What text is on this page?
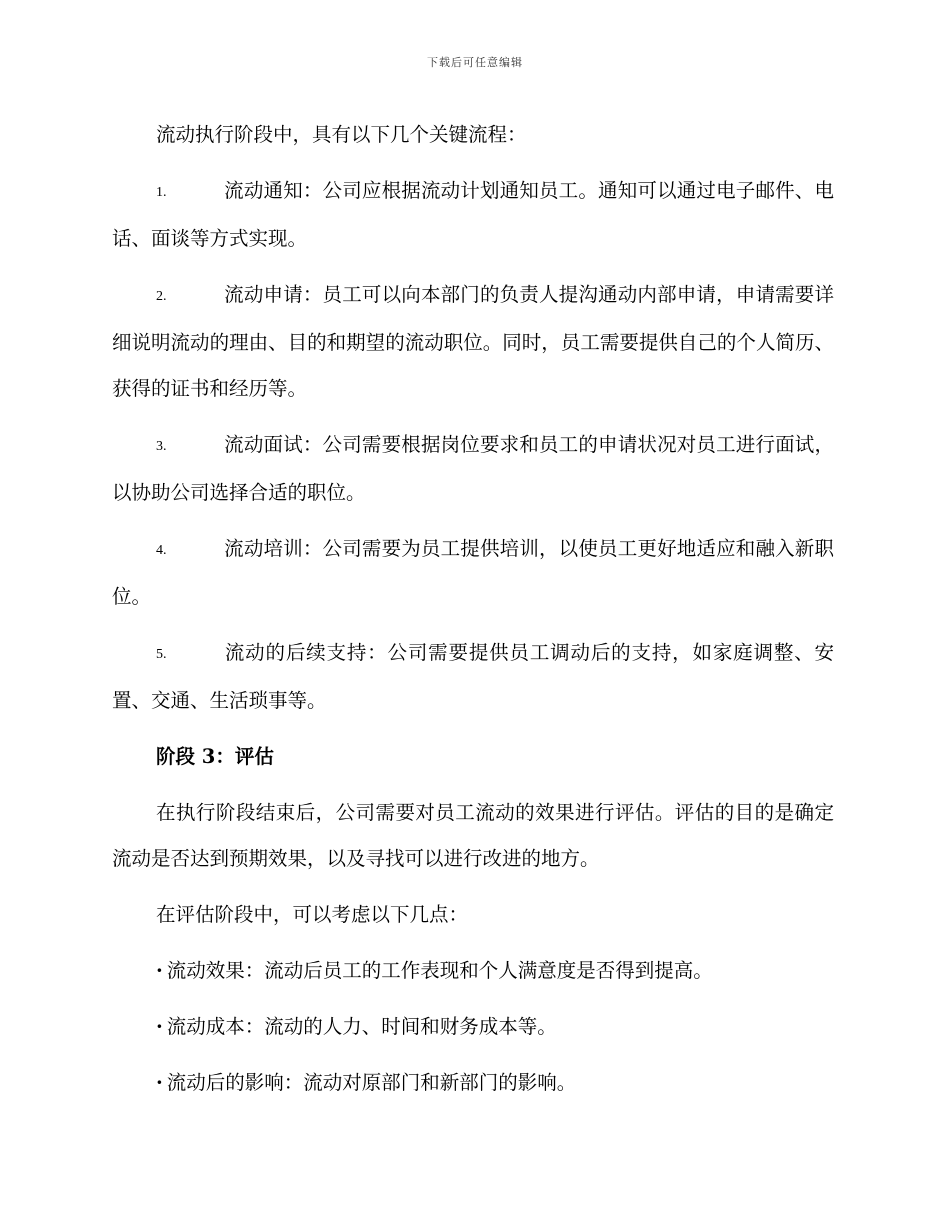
下载后可任意编辑

流动执行阶段中，具有以下几个关键流程：

1.	流动通知：公司应根据流动计划通知员工。通知可以通过电子邮件、电话、面谈等方式实现。
2.	流动申请：员工可以向本部门的负责人提沟通动内部申请，申请需要详细说明流动的理由、目的和期望的流动职位。同时，员工需要提供自己的个人简历、获得的证书和经历等。
3.	流动面试：公司需要根据岗位要求和员工的申请状况对员工进行面试，以协助公司选择合适的职位。
4.	流动培训：公司需要为员工提供培训，以使员工更好地适应和融入新职位。
5.	流动的后续支持：公司需要提供员工调动后的支持，如家庭调整、安置、交通、生活琐事等。
阶段 3：评估

在执行阶段结束后，公司需要对员工流动的效果进行评估。评估的目的是确定流动是否达到预期效果，以及寻找可以进行改进的地方。

在评估阶段中，可以考虑以下几点：

· 流动效果：流动后员工的工作表现和个人满意度是否得到提高。
· 流动成本：流动的人力、时间和财务成本等。
· 流动后的影响：流动对原部门和新部门的影响。
